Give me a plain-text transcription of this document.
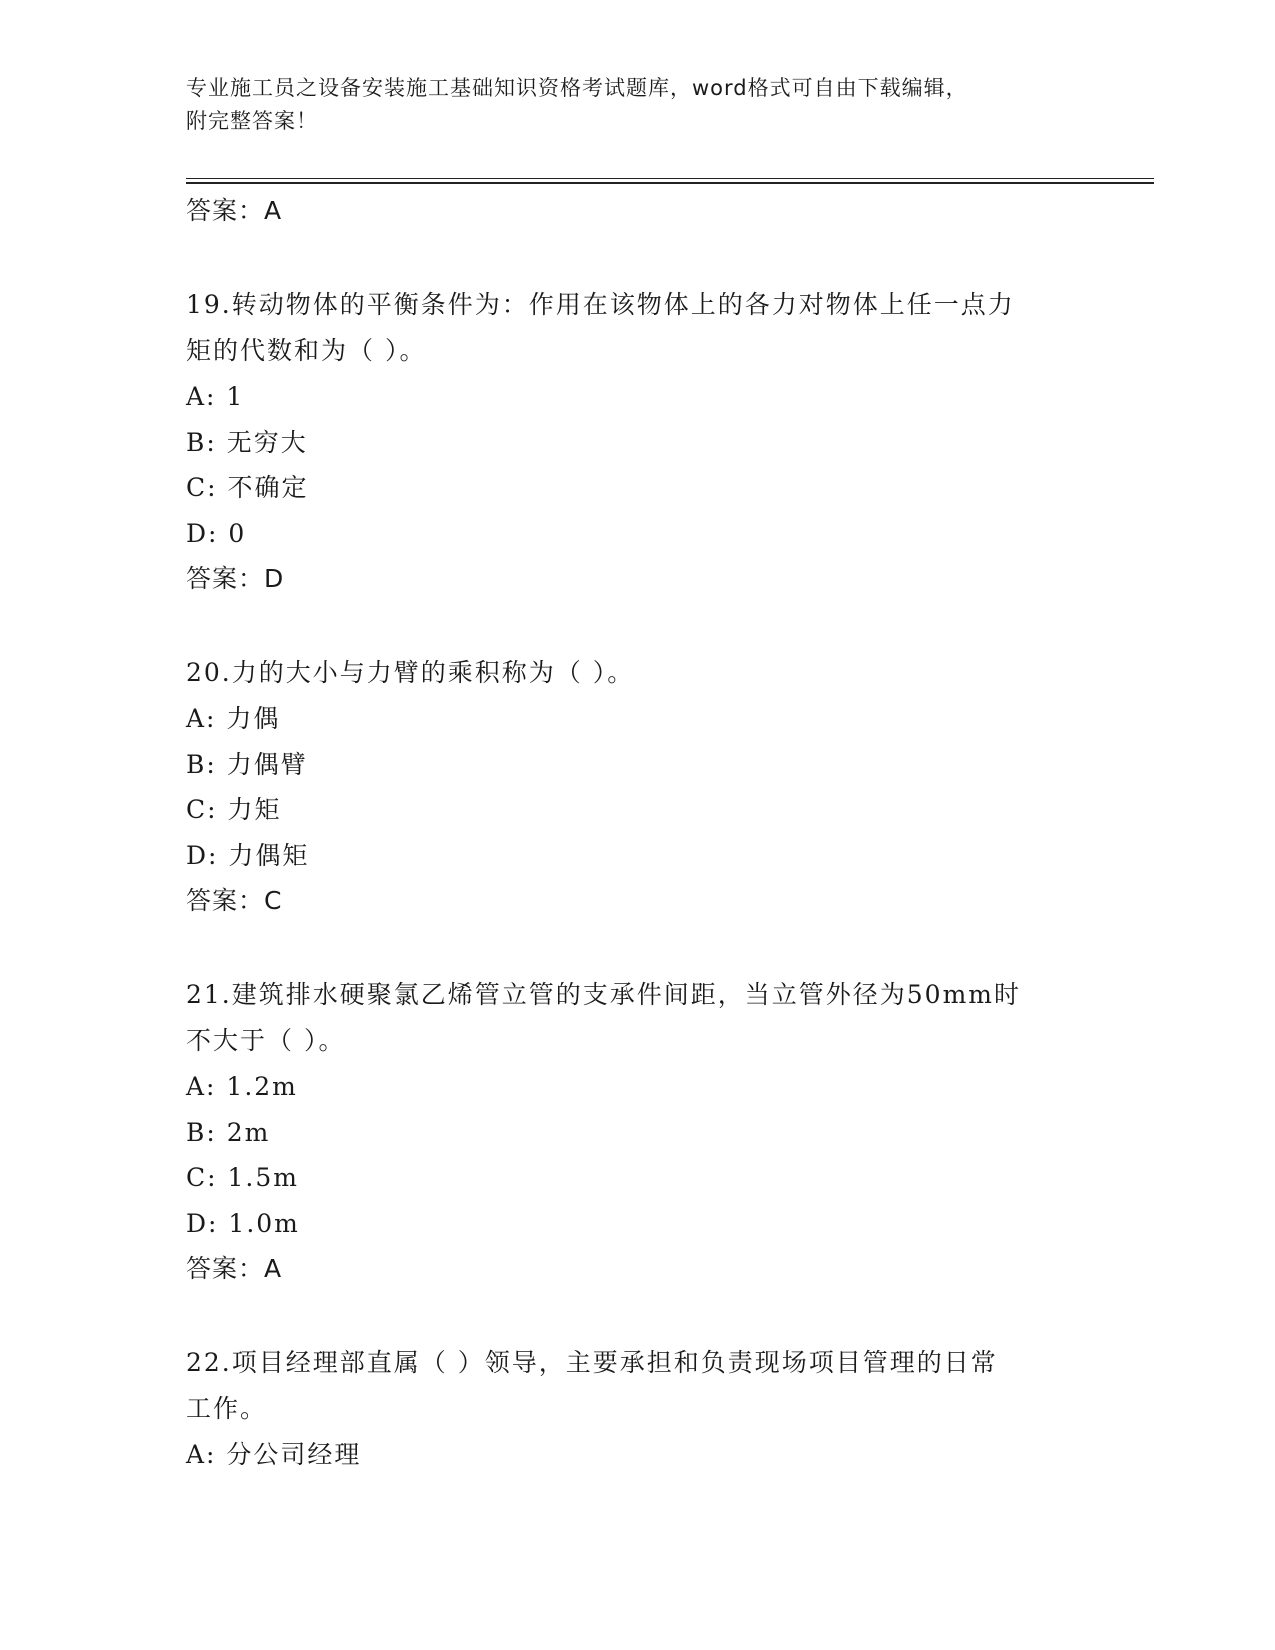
专业施工员之设备安装施工基础知识资格考试题库，word格式可自由下载编辑，
附完整答案！

答案：A

19.转动物体的平衡条件为：作用在该物体上的各力对物体上任一点力

矩的代数和为（ ）。

A: 1

B: 无穷大

C: 不确定

D: 0

答案：D

20.力的大小与力臂的乘积称为（ ）。

A: 力偶

B: 力偶臂

C: 力矩

D: 力偶矩

答案：C

21.建筑排水硬聚氯乙烯管立管的支承件间距，当立管外径为50mm时

不大于（ ）。

A: 1.2m

B: 2m

C: 1.5m

D: 1.0m

答案：A

22.项目经理部直属（ ）领导，主要承担和负责现场项目管理的日常

工作。

A: 分公司经理
